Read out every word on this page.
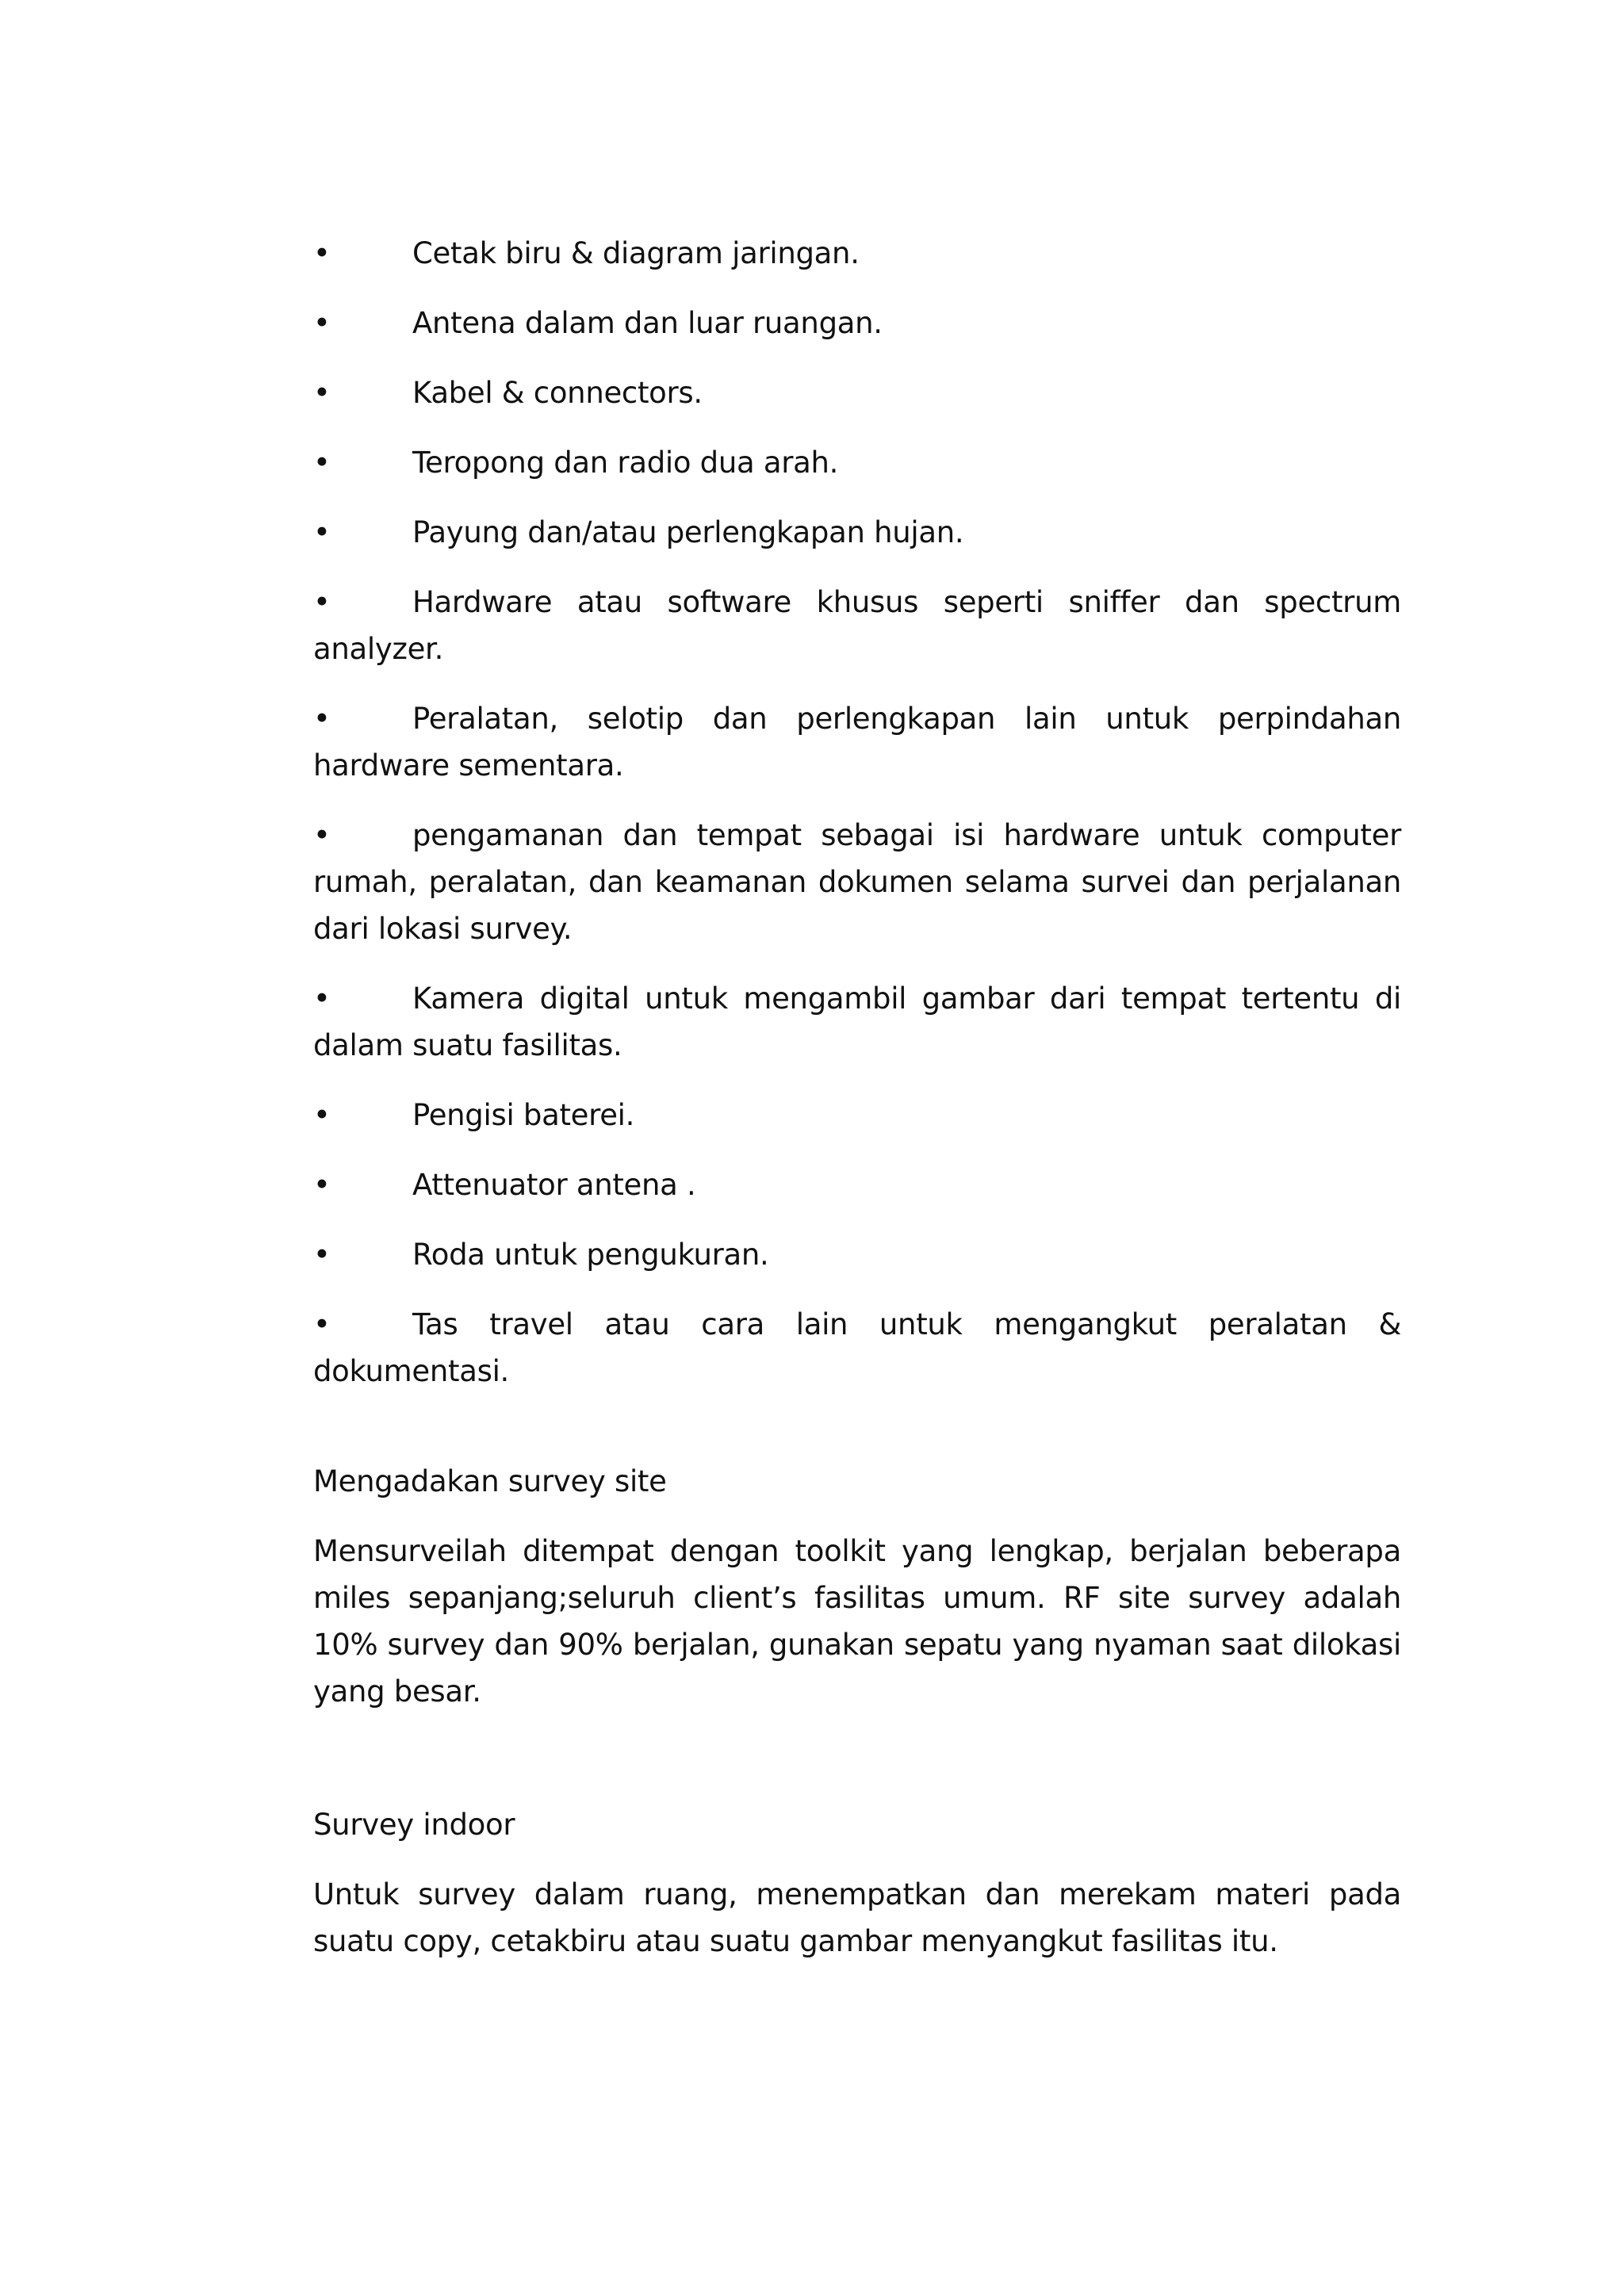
•	Cetak biru & diagram jaringan.
•	Antena dalam dan luar ruangan.
•	Kabel & connectors.
•	Teropong dan radio dua arah.
•	Payung dan/atau perlengkapan hujan.
•	Hardware atau software khusus seperti sniffer dan spectrum analyzer.
•	Peralatan, selotip dan perlengkapan lain untuk perpindahan hardware sementara.
•	pengamanan dan tempat sebagai isi hardware untuk computer rumah, peralatan, dan keamanan dokumen selama survei dan perjalanan dari lokasi survey.
•	Kamera digital untuk mengambil gambar dari tempat tertentu di dalam suatu fasilitas.
•	Pengisi baterei.
•	Attenuator antena .
•	Roda untuk pengukuran.
•	Tas travel atau cara lain untuk mengangkut peralatan & dokumentasi.
Mengadakan survey site
Mensurveilah ditempat dengan toolkit yang lengkap, berjalan beberapa miles sepanjang;seluruh client’s fasilitas umum. RF site survey adalah 10% survey dan 90% berjalan, gunakan sepatu yang nyaman saat dilokasi yang besar.
Survey indoor
Untuk survey dalam ruang, menempatkan dan merekam materi pada suatu copy, cetakbiru atau suatu gambar menyangkut fasilitas itu.
